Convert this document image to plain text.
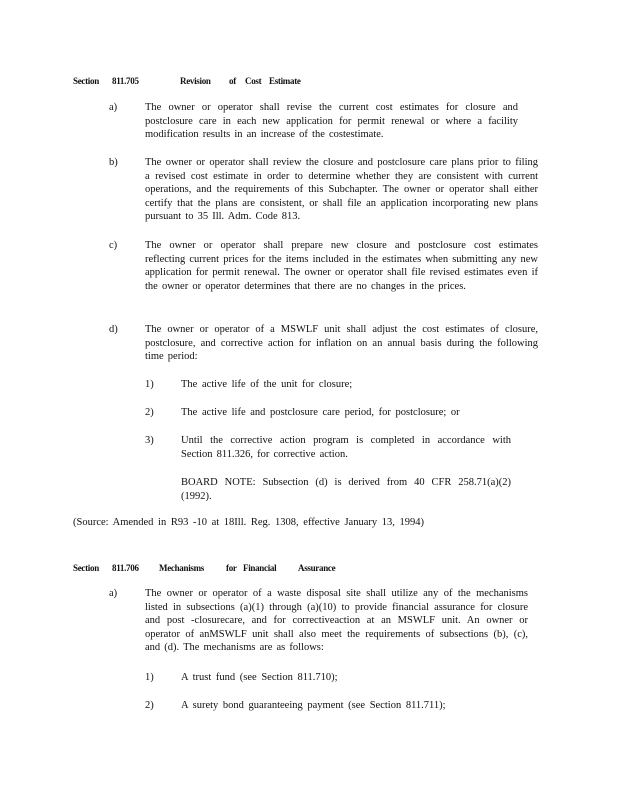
Section 811.705	Revision of Cost Estimate
a)	The owner or operator shall revise the current cost estimates for closure and postclosure care in each new application for permit renewal or where a facility modification results in an increase of the costestimate.
b)	The owner or operator shall review the closure and postclosure care plans prior to filing a revised cost estimate in order to determine whether they are consistent with current operations, and the requirements of this Subchapter. The owner or operator shall either certify that the plans are consistent, or shall file an application incorporating new plans pursuant to 35 Ill. Adm. Code 813.
c)	The owner or operator shall prepare new closure and postclosure cost estimates reflecting current prices for the items included in the estimates when submitting any new application for permit renewal. The owner or operator shall file revised estimates even if the owner or operator determines that there are no changes in the prices.
d)	The owner or operator of a MSWLF unit shall adjust the cost estimates of closure, postclosure, and corrective action for inflation on an annual basis during the following time period:
1)	The active life of the unit for closure;
2)	The active life and postclosure care period, for postclosure; or
3)	Until the corrective action program is completed in accordance with Section 811.326, for corrective action.
BOARD NOTE: Subsection (d) is derived from 40 CFR 258.71(a)(2) (1992).
(Source: Amended in R93 -10 at 18Ill. Reg. 1308, effective January 13, 1994)
Section 811.706 Mechanisms for Financial Assurance
a)	The owner or operator of a waste disposal site shall utilize any of the mechanisms listed in subsections (a)(1) through (a)(10) to provide financial assurance for closure and post -closurecare, and for correctiveaction at an MSWLF unit. An owner or operator of anMSWLF unit shall also meet the requirements of subsections (b), (c), and (d). The mechanisms are as follows:
1)	A trust fund (see Section 811.710);
2)	A surety bond guaranteeing payment (see Section 811.711);
